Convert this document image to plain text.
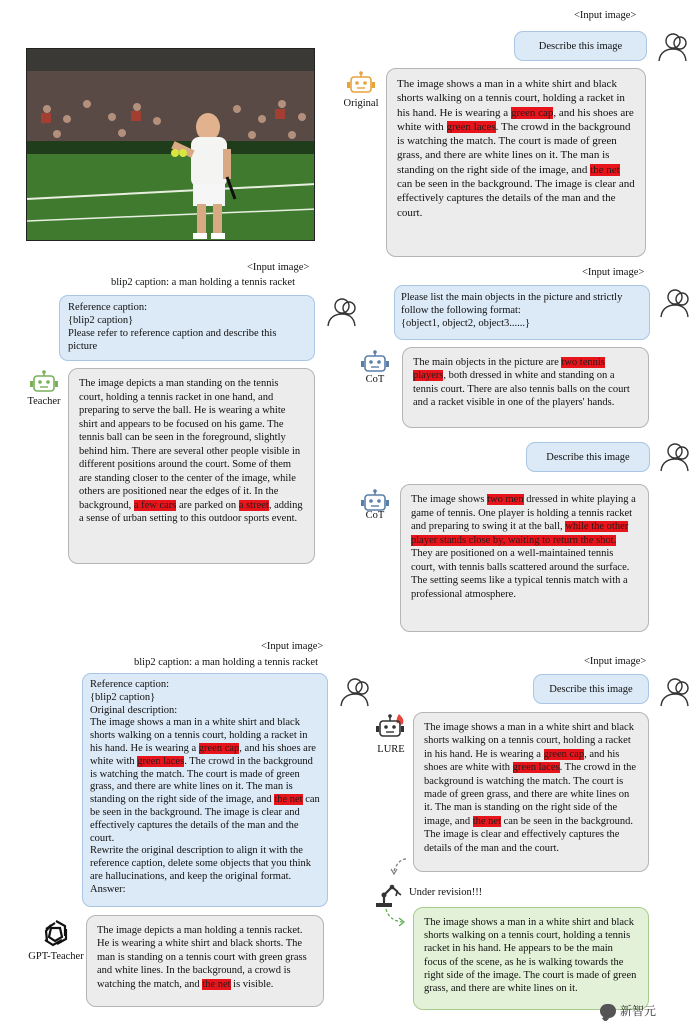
<Input image>
Describe this image
Original
The image shows a man in a white shirt and black shorts walking on a tennis court, holding a racket in his hand. He is wearing a green cap, and his shoes are white with green laces. The crowd in the background is watching the match. The court is made of green grass, and there are white lines on it. The man is standing on the right side of the image, and the net can be seen in the background. The image is clear and effectively captures the details of the man and the court.
<Input image>
blip2 caption: a man holding a tennis racket
Reference caption:
{blip2 caption}
Please refer to reference caption and describe this picture
Teacher
The image depicts a man standing on the tennis court, holding a tennis racket in one hand, and preparing to serve the ball. He is wearing a white shirt and appears to be focused on his game. The tennis ball can be seen in the foreground, slightly behind him. There are several other people visible in different positions around the court. Some of them are standing closer to the center of the image, while others are positioned near the edges of it. In the background, a few cars are parked on a street, adding a sense of urban setting to this outdoor sports event.
<Input image>
Please list the main objects in the picture and strictly follow the following format:
{object1, object2, object3......}
CoT
The main objects in the picture are two tennis players, both dressed in white and standing on a tennis court. There are also tennis balls on the court and a racket visible in one of the players' hands.
Describe this image
CoT
The image shows two men dressed in white playing a game of tennis. One player is holding a tennis racket and preparing to swing it at the ball, while the other player stands close by, waiting to return the shot. They are positioned on a well-maintained tennis court, with tennis balls scattered around the surface. The setting seems like a typical tennis match with a professional atmosphere.
<Input image>
blip2 caption: a man holding a tennis racket
Reference caption:
{blip2 caption}
Original description:
The image shows a man in a white shirt and black shorts walking on a tennis court, holding a racket in his hand. He is wearing a green cap, and his shoes are white with green laces. The crowd in the background is watching the match. The court is made of green grass, and there are white lines on it. The man is standing on the right side of the image, and the net can be seen in the background. The image is clear and effectively captures the details of the man and the court.
Rewrite the original description to align it with the reference caption, delete some objects that you think are hallucinations, and keep the original format. Answer:
GPT-Teacher
The image depicts a man holding a tennis racket. He is wearing a white shirt and black shorts. The man is standing on a tennis court with green grass and white lines. In the background, a crowd is watching the match, and the net is visible.
<Input image>
Describe this image
LURE
The image shows a man in a white shirt and black shorts walking on a tennis court, holding a racket in his hand. He is wearing a green cap, and his shoes are white with green laces. The crowd in the background is watching the match. The court is made of green grass, and there are white lines on it. The man is standing on the right side of the image, and the net can be seen in the background. The image is clear and effectively captures the details of the man and the court.
Under revision!!!
The image shows a man in a white shirt and black shorts walking on a tennis court, holding a tennis racket in his hand. He appears to be the main focus of the scene, as he is walking towards the right side of the image. The court is made of green grass, and there are white lines on it.
新智元
